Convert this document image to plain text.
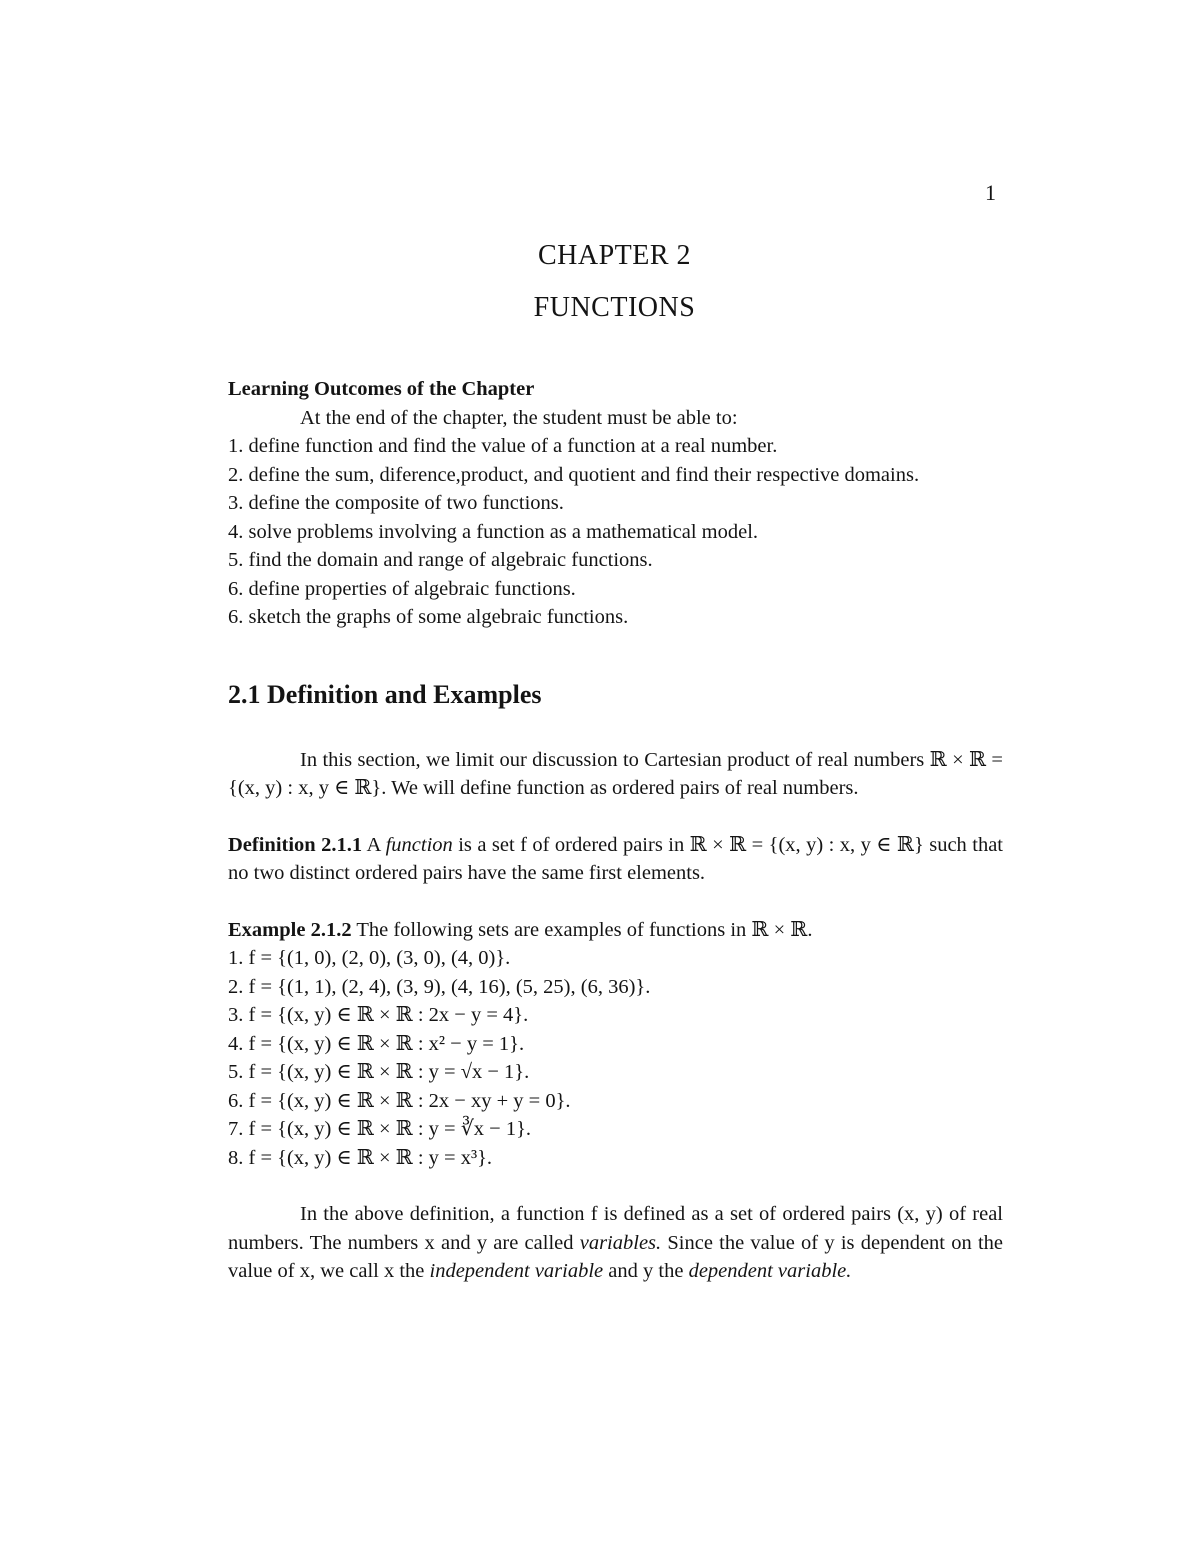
1
CHAPTER 2
FUNCTIONS

Learning Outcomes of the Chapter

At the end of the chapter, the student must be able to:

1. define function and find the value of a function at a real number.

2. define the sum, diference,product, and quotient and find their respective domains.

3. define the composite of two functions.

4. solve problems involving a function as a mathematical model.

5. find the domain and range of algebraic functions.

6. define properties of algebraic functions.

6. sketch the graphs of some algebraic functions.

2.1 Definition and Examples

In this section, we limit our discussion to Cartesian product of real numbers ℝ × ℝ = {(x, y) : x, y ∈ ℝ}. We will define function as ordered pairs of real numbers.

Definition 2.1.1 A function is a set f of ordered pairs in ℝ × ℝ = {(x, y) : x, y ∈ ℝ} such that no two distinct ordered pairs have the same first elements.

Example 2.1.2 The following sets are examples of functions in ℝ × ℝ.

1. f = {(1, 0), (2, 0), (3, 0), (4, 0)}.

2. f = {(1, 1), (2, 4), (3, 9), (4, 16), (5, 25), (6, 36)}.

3. f = {(x, y) ∈ ℝ × ℝ : 2x − y = 4}.

4. f = {(x, y) ∈ ℝ × ℝ : x² − y = 1}.

5. f = {(x, y) ∈ ℝ × ℝ : y = √x − 1}.

6. f = {(x, y) ∈ ℝ × ℝ : 2x − xy + y = 0}.

7. f = {(x, y) ∈ ℝ × ℝ : y = ∛x − 1}.

8. f = {(x, y) ∈ ℝ × ℝ : y = x³}.

In the above definition, a function f is defined as a set of ordered pairs (x, y) of real numbers. The numbers x and y are called variables. Since the value of y is dependent on the value of x, we call x the independent variable and y the dependent variable.
